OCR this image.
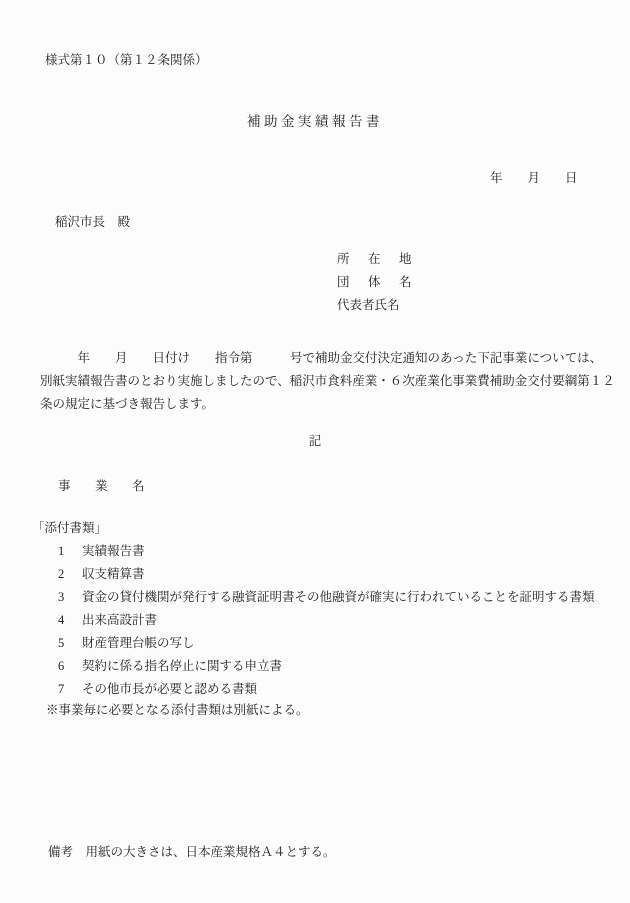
様式第１０（第１２条関係）
補助金実績報告書
年　　月　　日
稲沢市長　殿
所　在　地
団　体　名
代表者氏名
　　　年　　月　　日付け　　指令第　　　号で補助金交付決定通知のあった下記事業については、
別紙実績報告書のとおり実施しましたので、稲沢市食料産業・６次産業化事業費補助金交付要綱第１２
条の規定に基づき報告します。
記
事　業　名
「添付書類」
1 実績報告書
2 収支精算書
3 資金の貸付機関が発行する融資証明書その他融資が確実に行われていることを証明する書類
4 出来高設計書
5 財産管理台帳の写し
6 契約に係る指名停止に関する申立書
7 その他市長が必要と認める書類
※事業毎に必要となる添付書類は別紙による。
備考　用紙の大きさは、日本産業規格Ａ４とする。
